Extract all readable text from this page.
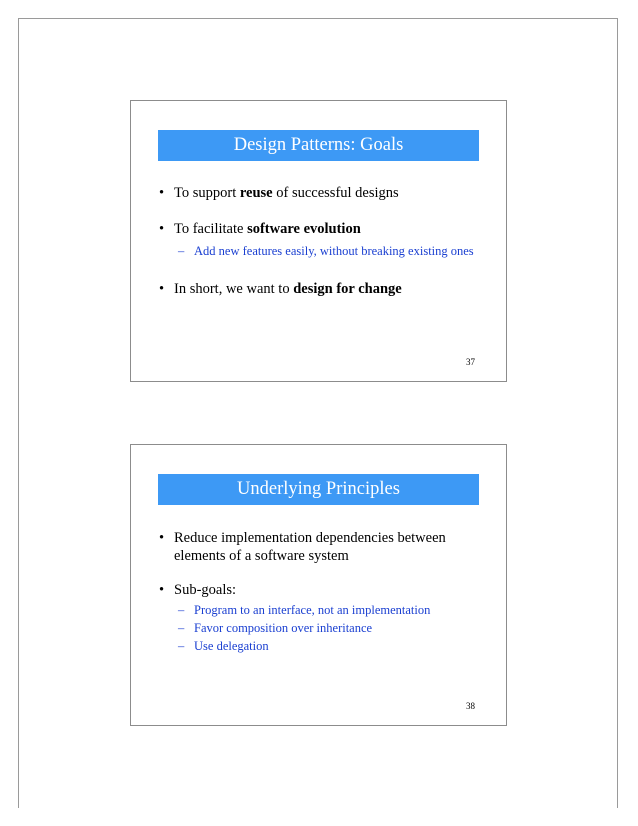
Design Patterns: Goals
• To support reuse of successful designs
• To facilitate software evolution
– Add new features easily, without breaking existing ones
• In short, we want to design for change
37
Underlying Principles
• Reduce implementation dependencies between
elements of a software system
• Sub-goals:
– Program to an interface, not an implementation
– Favor composition over inheritance
– Use delegation
38
